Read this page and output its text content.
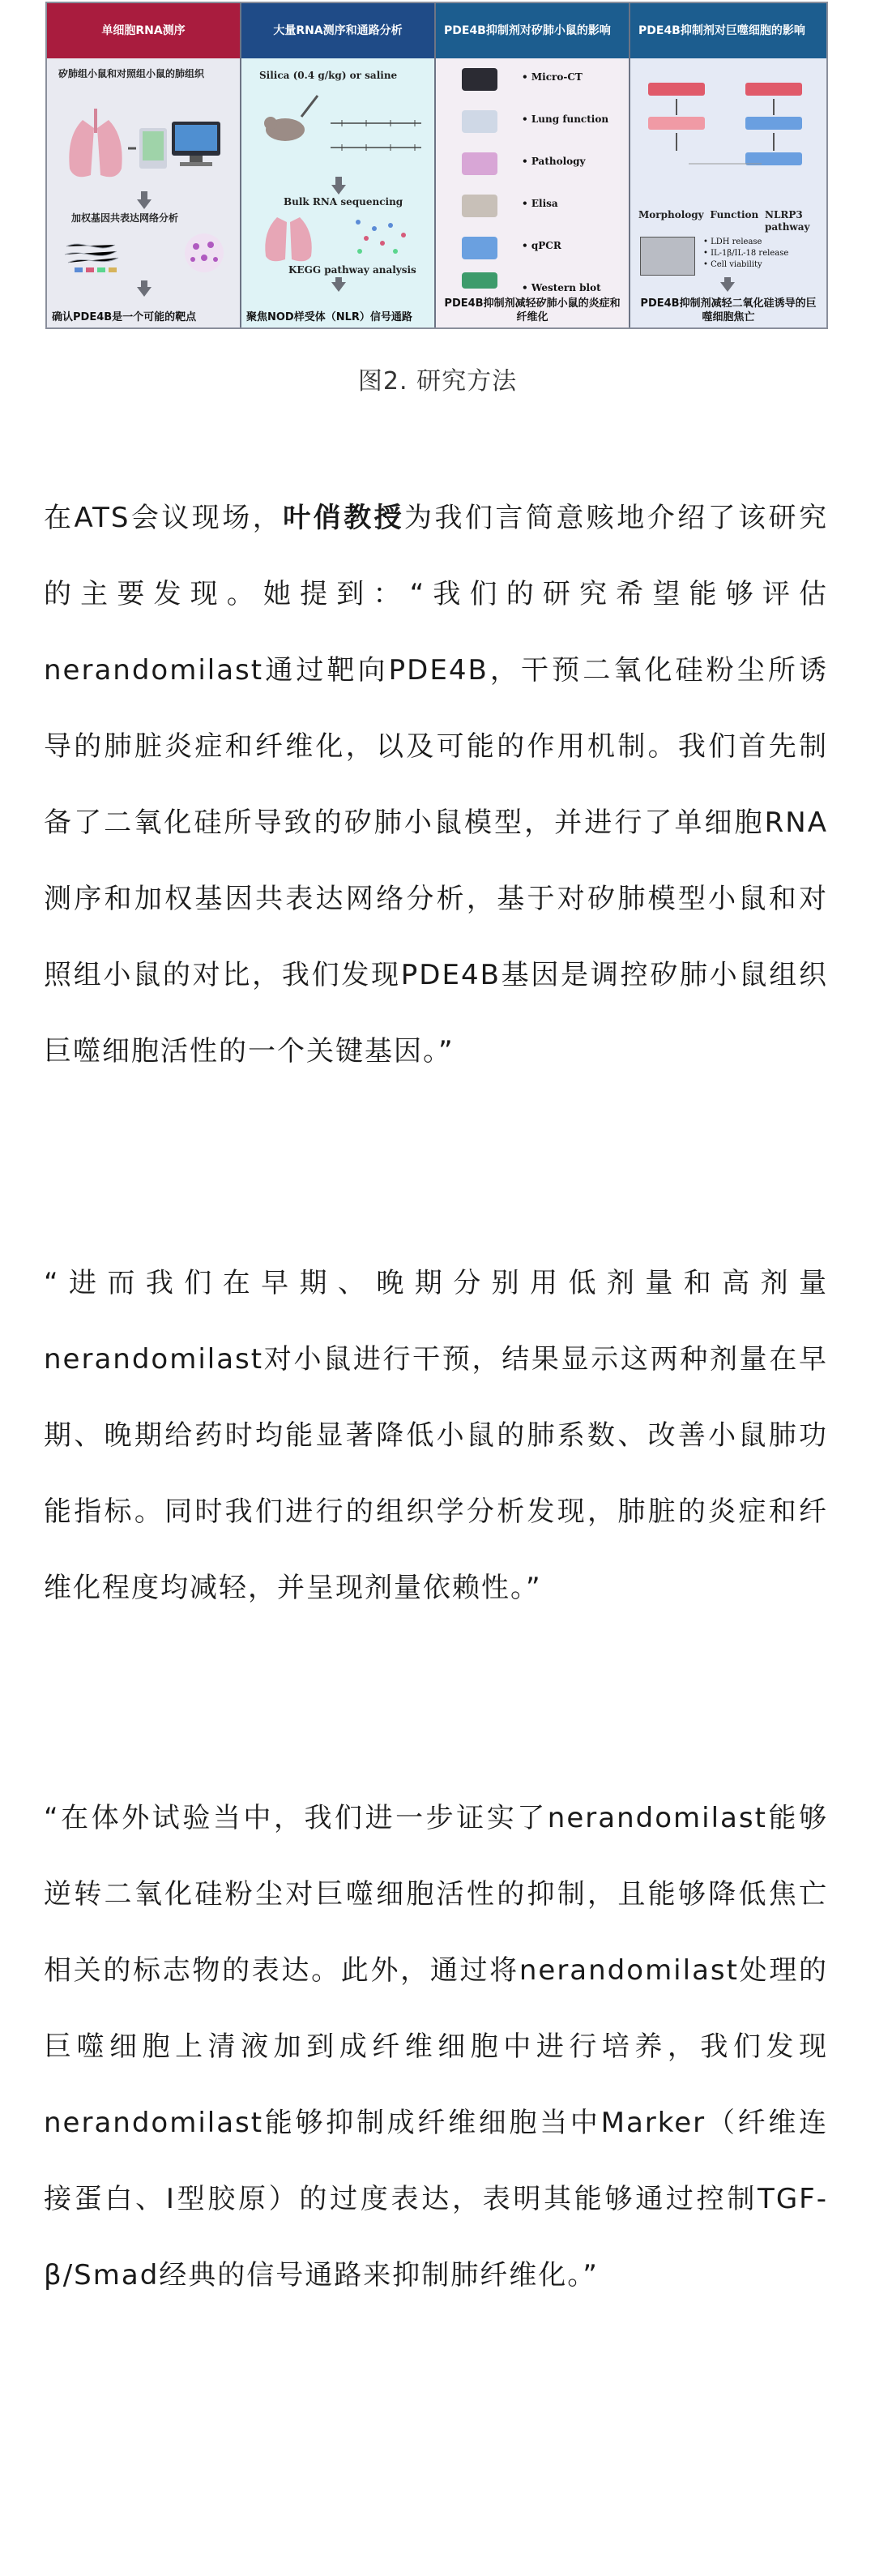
单细胞RNA测序
矽肺组小鼠和对照组小鼠的肺组织
加权基因共表达网络分析
确认PDE4B是一个可能的靶点
大量RNA测序和通路分析
Silica (0.4 g/kg) or saline
Bulk RNA sequencing
KEGG pathway analysis
聚焦NOD样受体（NLR）信号通路
PDE4B抑制剂对矽肺小鼠的影响
• Micro-CT
• Lung function
• Pathology
• Elisa
• qPCR
• Western blot
PDE4B抑制剂减轻矽肺小鼠的炎症和纤维化
PDE4B抑制剂对巨噬细胞的影响
Morphology Function NLRP3 pathway
• LDH release
• IL-1β/IL-18 release
• Cell viability
PDE4B抑制剂减轻二氧化硅诱导的巨噬细胞焦亡
图2. 研究方法

在ATS会议现场，叶俏教授为我们言简意赅地介绍了该研究的主要发现。她提到：“我们的研究希望能够评估nerandomilast通过靶向PDE4B，干预二氧化硅粉尘所诱导的肺脏炎症和纤维化，以及可能的作用机制。我们首先制备了二氧化硅所导致的矽肺小鼠模型，并进行了单细胞RNA测序和加权基因共表达网络分析，基于对矽肺模型小鼠和对照组小鼠的对比，我们发现PDE4B基因是调控矽肺小鼠组织巨噬细胞活性的一个关键基因。”

“进而我们在早期、晚期分别用低剂量和高剂量nerandomilast对小鼠进行干预，结果显示这两种剂量在早期、晚期给药时均能显著降低小鼠的肺系数、改善小鼠肺功能指标。同时我们进行的组织学分析发现，肺脏的炎症和纤维化程度均减轻，并呈现剂量依赖性。”

“在体外试验当中，我们进一步证实了nerandomilast能够逆转二氧化硅粉尘对巨噬细胞活性的抑制，且能够降低焦亡相关的标志物的表达。此外，通过将nerandomilast处理的巨噬细胞上清液加到成纤维细胞中进行培养，我们发现nerandomilast能够抑制成纤维细胞当中Marker（纤维连接蛋白、I型胶原）的过度表达，表明其能够通过控制TGF-β/Smad经典的信号通路来抑制肺纤维化。”
